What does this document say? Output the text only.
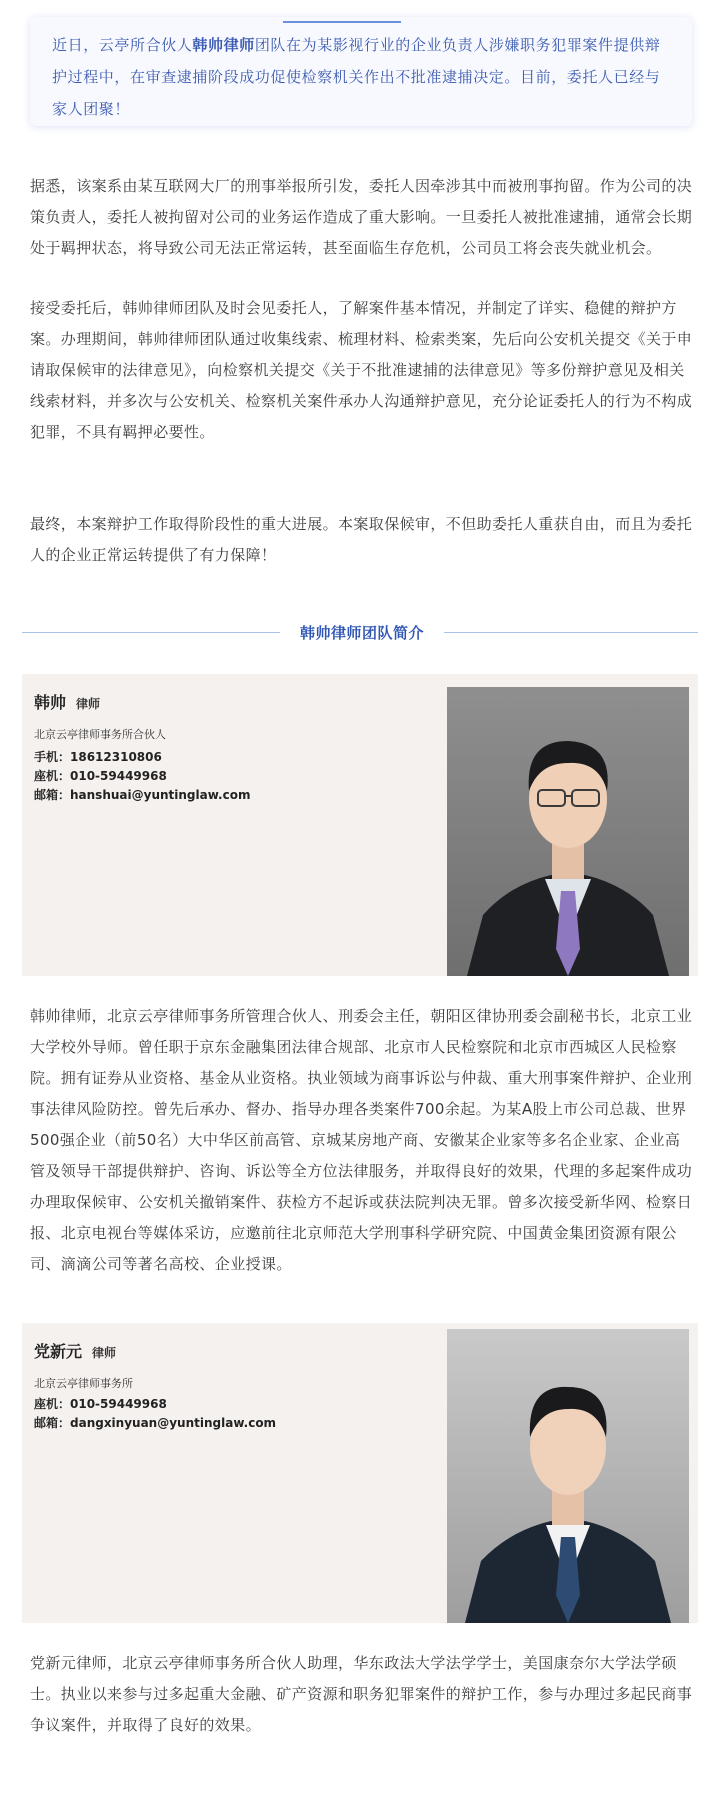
近日，云亭所合伙人韩帅律师团队在为某影视行业的企业负责人涉嫌职务犯罪案件提供辩护过程中，在审查逮捕阶段成功促使检察机关作出不批准逮捕决定。目前，委托人已经与家人团聚！

据悉，该案系由某互联网大厂的刑事举报所引发，委托人因牵涉其中而被刑事拘留。作为公司的决策负责人，委托人被拘留对公司的业务运作造成了重大影响。一旦委托人被批准逮捕，通常会长期处于羁押状态，将导致公司无法正常运转，甚至面临生存危机，公司员工将会丧失就业机会。

接受委托后，韩帅律师团队及时会见委托人，了解案件基本情况，并制定了详实、稳健的辩护方案。办理期间，韩帅律师团队通过收集线索、梳理材料、检索类案，先后向公安机关提交《关于申请取保候审的法律意见》，向检察机关提交《关于不批准逮捕的法律意见》等多份辩护意见及相关线索材料，并多次与公安机关、检察机关案件承办人沟通辩护意见，充分论证委托人的行为不构成犯罪，不具有羁押必要性。

最终，本案辩护工作取得阶段性的重大进展。本案取保候审，不但助委托人重获自由，而且为委托人的企业正常运转提供了有力保障！

韩帅律师团队简介
韩帅 律师
北京云亭律师事务所合伙人
手机：18612310806
座机：010-59449968
邮箱：hanshuai@yuntinglaw.com

韩帅律师，北京云亭律师事务所管理合伙人、刑委会主任，朝阳区律协刑委会副秘书长，北京工业大学校外导师。曾任职于京东金融集团法律合规部、北京市人民检察院和北京市西城区人民检察院。拥有证券从业资格、基金从业资格。执业领域为商事诉讼与仲裁、重大刑事案件辩护、企业刑事法律风险防控。曾先后承办、督办、指导办理各类案件700余起。为某A股上市公司总裁、世界500强企业（前50名）大中华区前高管、京城某房地产商、安徽某企业家等多名企业家、企业高管及领导干部提供辩护、咨询、诉讼等全方位法律服务，并取得良好的效果，代理的多起案件成功办理取保候审、公安机关撤销案件、获检方不起诉或获法院判决无罪。曾多次接受新华网、检察日报、北京电视台等媒体采访，应邀前往北京师范大学刑事科学研究院、中国黄金集团资源有限公司、滴滴公司等著名高校、企业授课。

党新元 律师
北京云亭律师事务所
座机：010-59449968
邮箱：dangxinyuan@yuntinglaw.com

党新元律师，北京云亭律师事务所合伙人助理，华东政法大学法学学士，美国康奈尔大学法学硕士。执业以来参与过多起重大金融、矿产资源和职务犯罪案件的辩护工作，参与办理过多起民商事争议案件，并取得了良好的效果。
